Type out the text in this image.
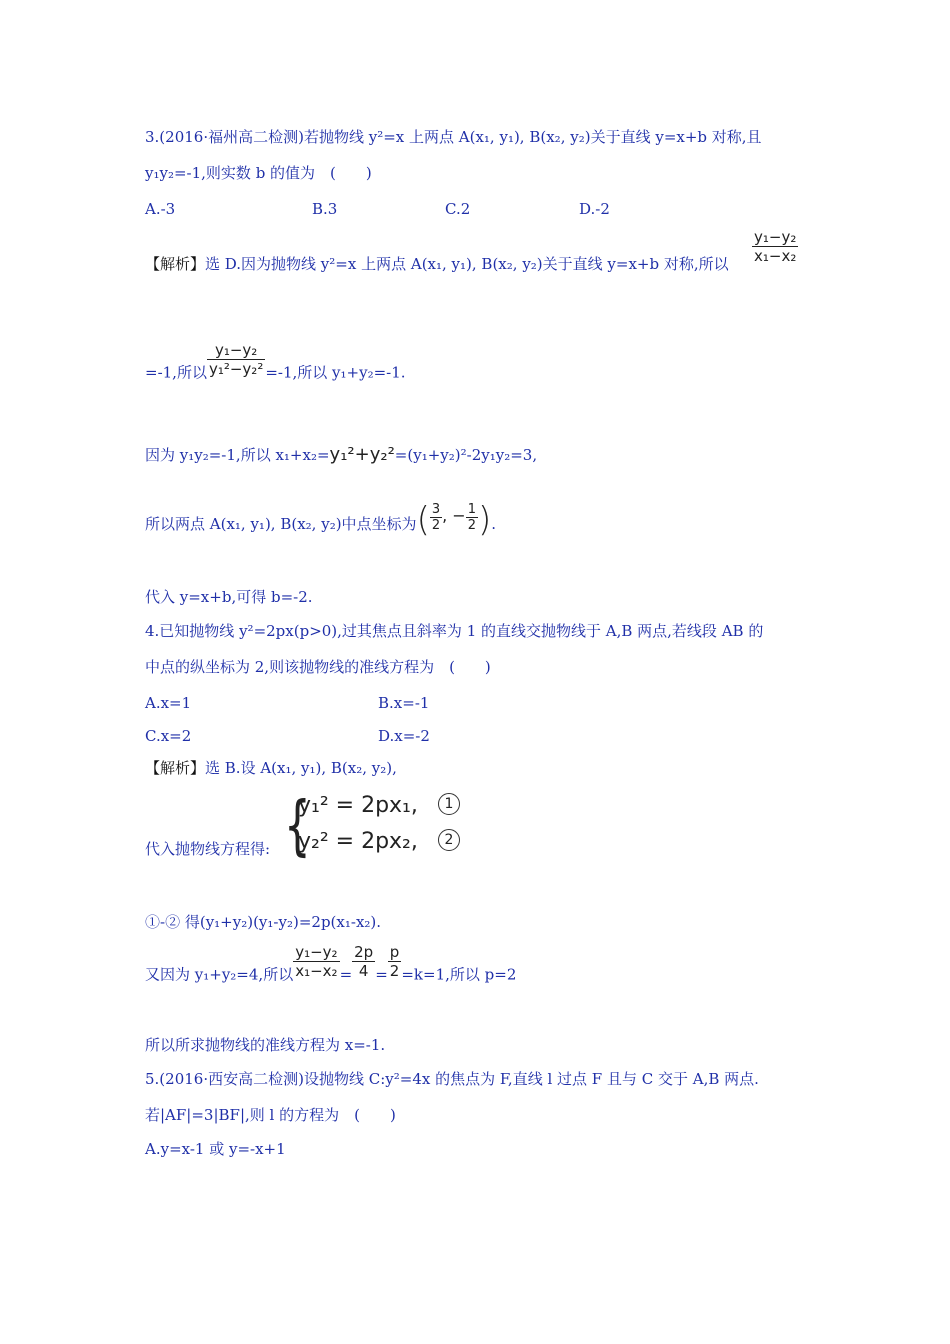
3.(2016·福州高二检测)若抛物线 y²=x 上两点 A(x₁, y₁), B(x₂, y₂)关于直线 y=x+b 对称,且
y₁y₂=-1,则实数 b 的值为　(　　)
A.-3	B.3	C.2	D.-2
【解析】选 D.因为抛物线 y²=x 上两点 A(x₁, y₁), B(x₂, y₂)关于直线 y=x+b 对称,所以 $\frac{\text{y₁−y₂}}{\text{x₁−x₂}}$
=-1,所以 $\frac{\text{y₁−y₂}}{\text{y₁²−y₂²}} =-1$,所以 y₁+y₂=-1.
因为 y₁y₂=-1,所以 x₁+x₂=y₁²+y₂²=(y₁+y₂)²-2y₁y₂=3,
所以两点 A(x₁, y₁), B(x₂, y₂)中点坐标为( $\frac{3}{2}$ , − $\frac{1}{2}$ ).
代入 y=x+b,可得 b=-2.
4.已知抛物线 y²=2px(p>0),过其焦点且斜率为 1 的直线交抛物线于 A,B 两点,若线段 AB 的
中点的纵坐标为 2,则该抛物线的准线方程为　(　　)
A.x=1	B.x=-1
C.x=2	D.x=-2
【解析】选 B.设 A(x₁, y₁), B(x₂, y₂),
代入抛物线方程得: {
y₁² = 2px₁,	1
y₂² = 2px₂,	2
①-② 得(y₁+y₂)(y₁-y₂)=2p(x₁-x₂).
又因为 y₁+y₂=4,所以 $\frac{\text{y₁−y₂}}{\text{x₁−x₂}} = \frac{2p}{4} = \frac{p}{2} =k=1$,所以 p=2
所以所求抛物线的准线方程为 x=-1.
5.(2016·西安高二检测)设抛物线 C:y²=4x 的焦点为 F,直线 l 过点 F 且与 C 交于 A,B 两点.
若|AF|=3|BF|,则 l 的方程为　(　　)
A.y=x-1 或 y=-x+1
